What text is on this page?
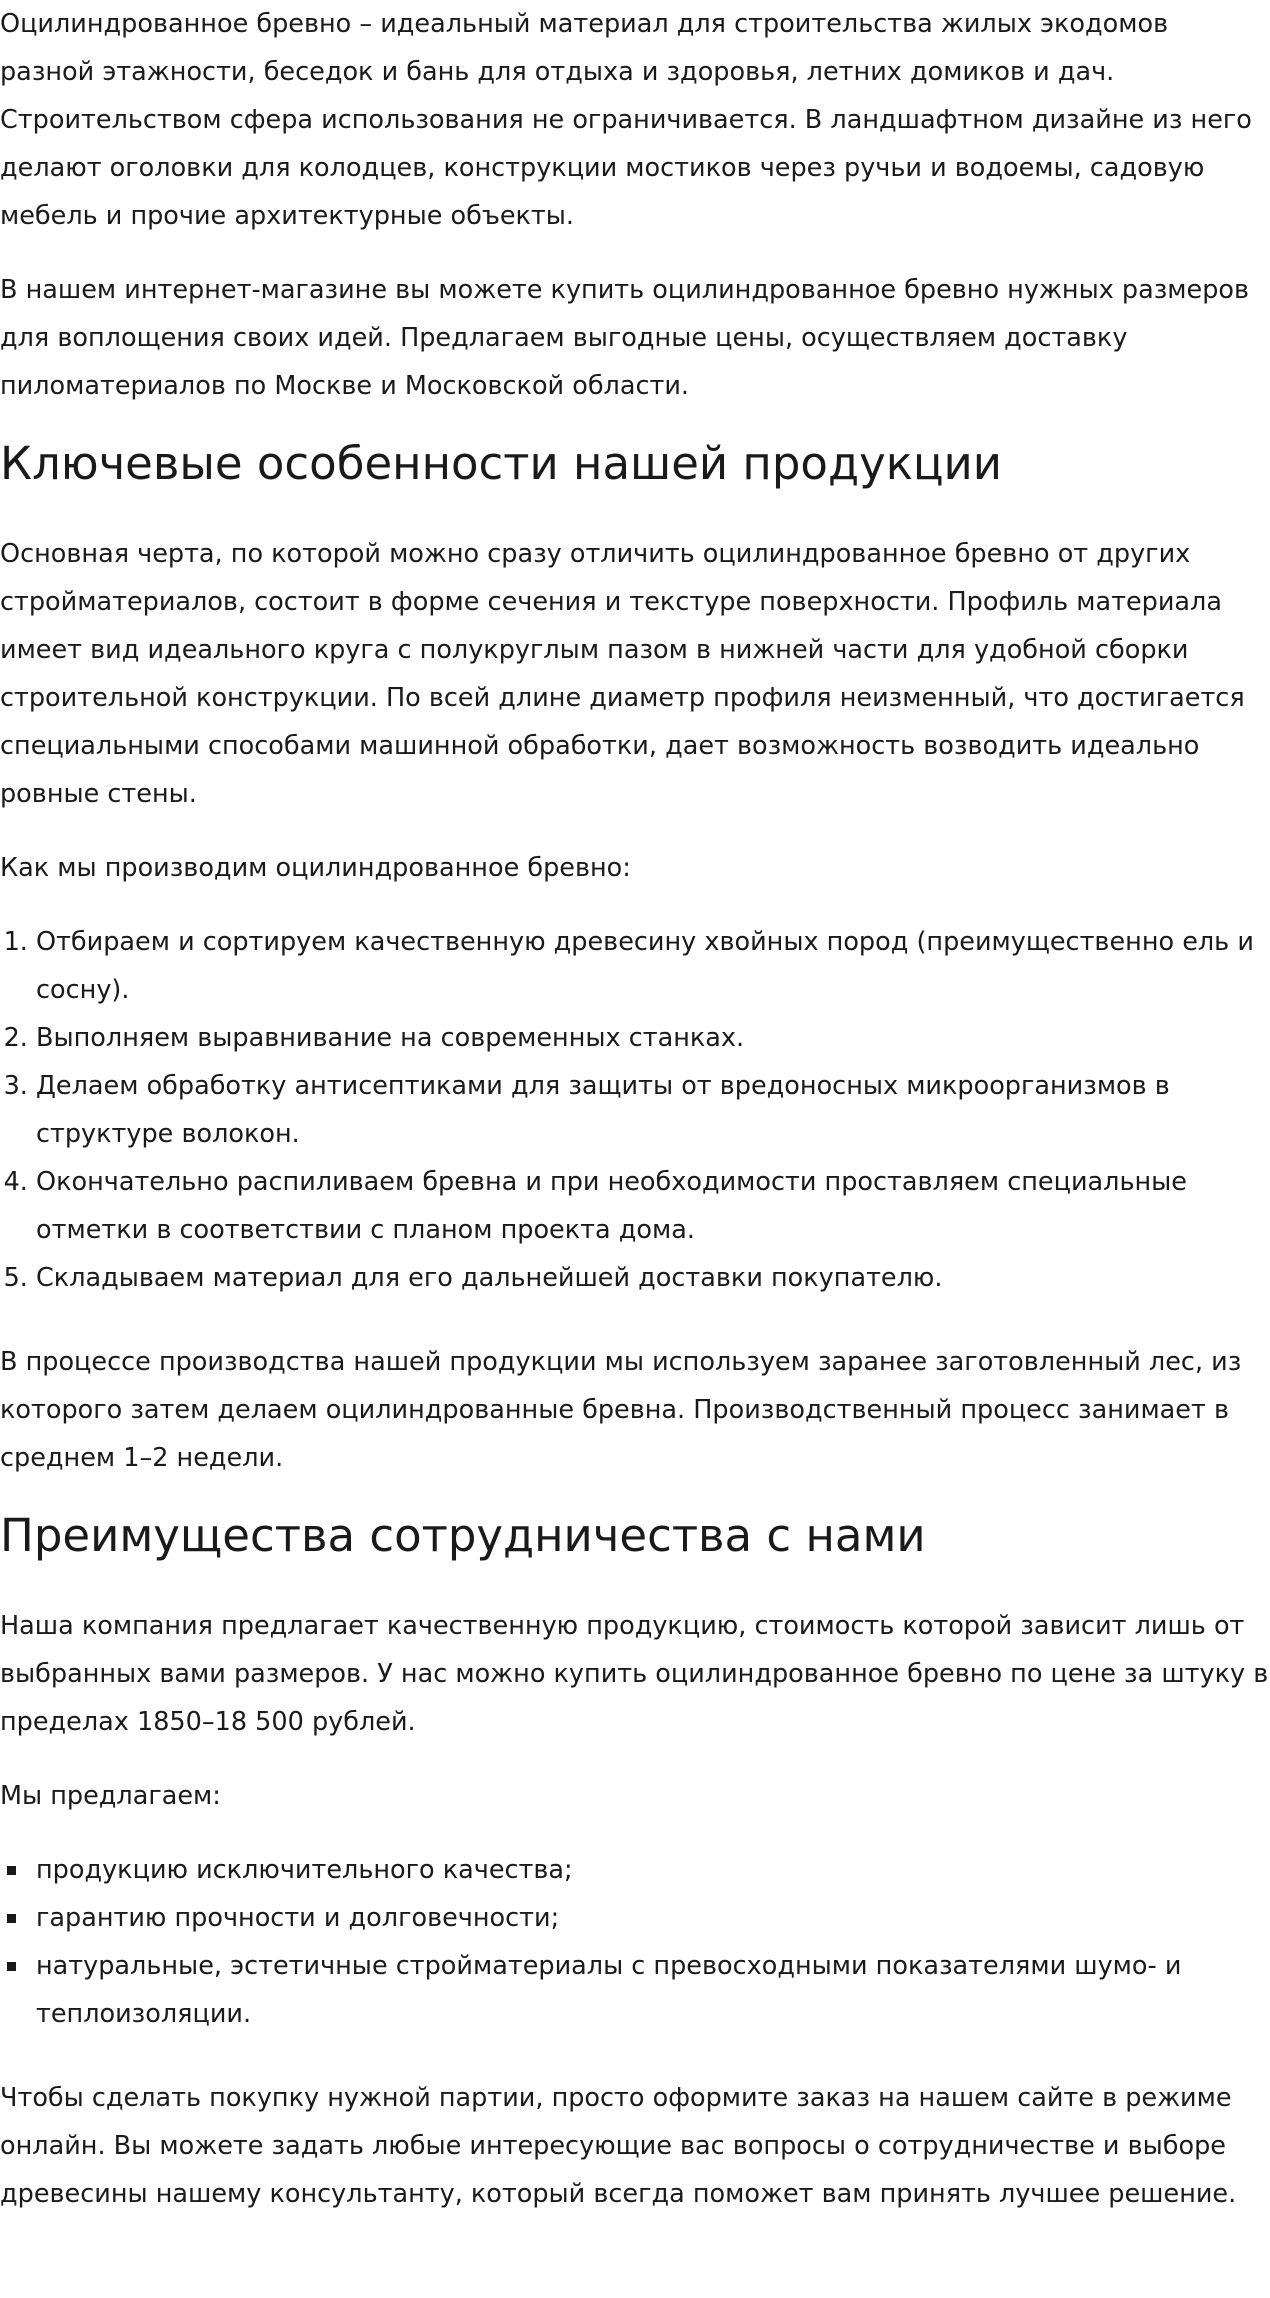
Оцилиндрованное бревно – идеальный материал для строительства жилых экодомов разной этажности, беседок и бань для отдыха и здоровья, летних домиков и дач. Строительством сфера использования не ограничивается. В ландшафтном дизайне из него делают оголовки для колодцев, конструкции мостиков через ручьи и водоемы, садовую мебель и прочие архитектурные объекты.

В нашем интернет-магазине вы можете купить оцилиндрованное бревно нужных размеров для воплощения своих идей. Предлагаем выгодные цены, осуществляем доставку пиломатериалов по Москве и Московской области.

Ключевые особенности нашей продукции

Основная черта, по которой можно сразу отличить оцилиндрованное бревно от других стройматериалов, состоит в форме сечения и текстуре поверхности. Профиль материала имеет вид идеального круга с полукруглым пазом в нижней части для удобной сборки строительной конструкции. По всей длине диаметр профиля неизменный, что достигается специальными способами машинной обработки, дает возможность возводить идеально ровные стены.

Как мы производим оцилиндрованное бревно:

1. Отбираем и сортируем качественную древесину хвойных пород (преимущественно ель и сосну).
2. Выполняем выравнивание на современных станках.
3. Делаем обработку антисептиками для защиты от вредоносных микроорганизмов в структуре волокон.
4. Окончательно распиливаем бревна и при необходимости проставляем специальные отметки в соответствии с планом проекта дома.
5. Складываем материал для его дальнейшей доставки покупателю.

В процессе производства нашей продукции мы используем заранее заготовленный лес, из которого затем делаем оцилиндрованные бревна. Производственный процесс занимает в среднем 1–2 недели.

Преимущества сотрудничества с нами

Наша компания предлагает качественную продукцию, стоимость которой зависит лишь от выбранных вами размеров. У нас можно купить оцилиндрованное бревно по цене за штуку в пределах 1850–18 500 рублей.

Мы предлагаем:

продукцию исключительного качества;
гарантию прочности и долговечности;
натуральные, эстетичные стройматериалы с превосходными показателями шумо- и теплоизоляции.

Чтобы сделать покупку нужной партии, просто оформите заказ на нашем сайте в режиме онлайн. Вы можете задать любые интересующие вас вопросы о сотрудничестве и выборе древесины нашему консультанту, который всегда поможет вам принять лучшее решение.
